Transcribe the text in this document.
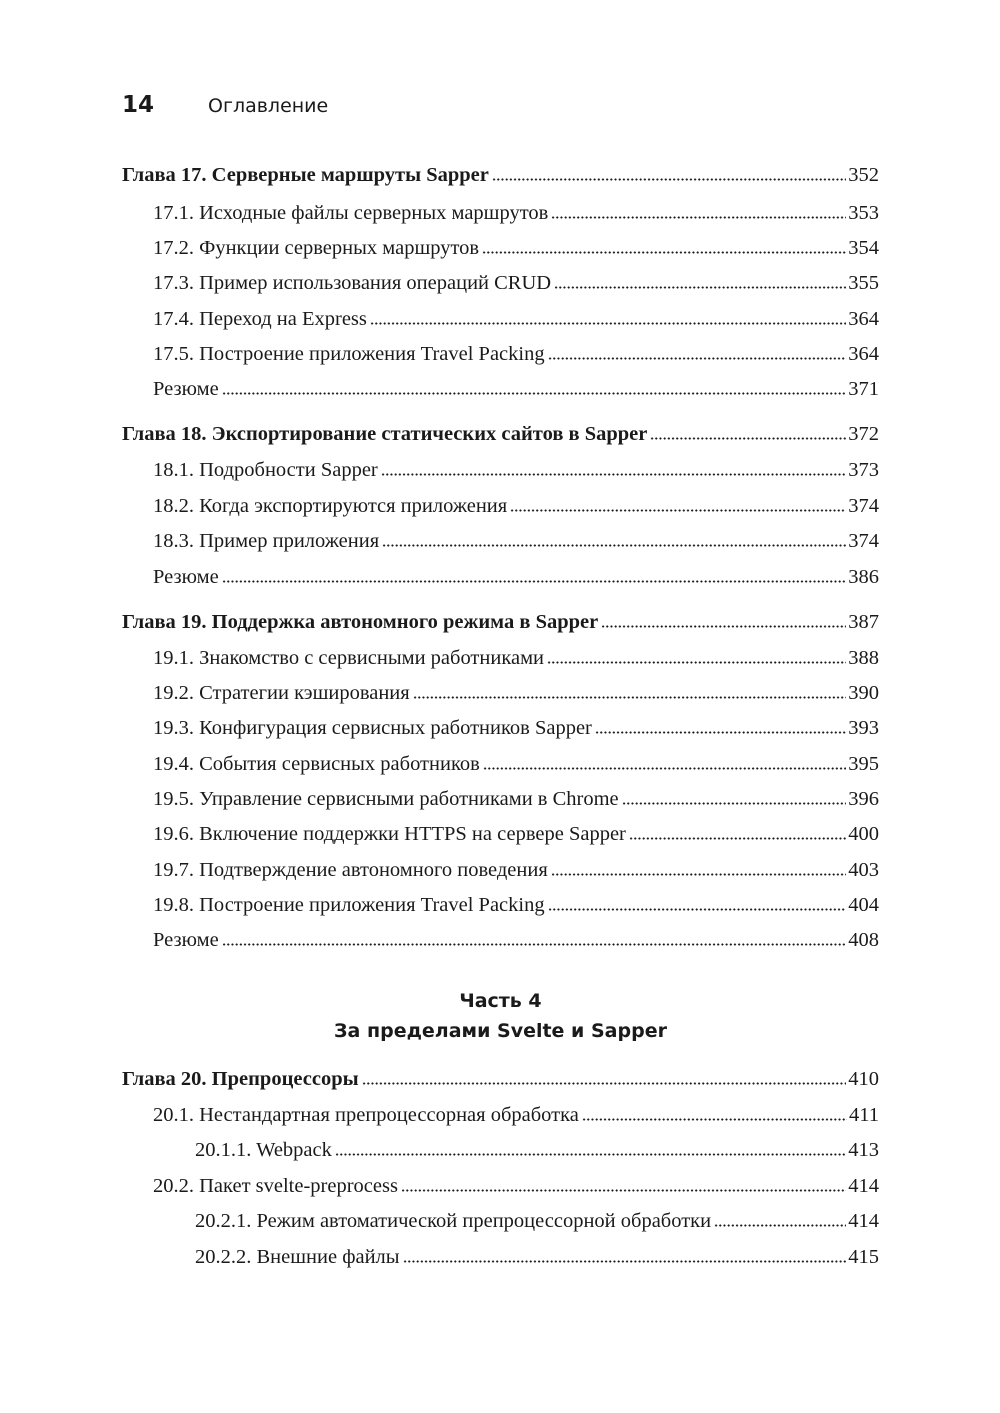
14	Оглавление
Глава 17. Серверные маршруты Sapper	352
17.1. Исходные файлы серверных маршрутов	353
17.2. Функции серверных маршрутов	354
17.3. Пример использования операций CRUD	355
17.4. Переход на Express	364
17.5. Построение приложения Travel Packing	364
Резюме	371
Глава 18. Экспортирование статических сайтов в Sapper	372
18.1. Подробности Sapper	373
18.2. Когда экспортируются приложения	374
18.3. Пример приложения	374
Резюме	386
Глава 19. Поддержка автономного режима в Sapper	387
19.1. Знакомство с сервисными работниками	388
19.2. Стратегии кэширования	390
19.3. Конфигурация сервисных работников Sapper	393
19.4. События сервисных работников	395
19.5. Управление сервисными работниками в Chrome	396
19.6. Включение поддержки HTTPS на сервере Sapper	400
19.7. Подтверждение автономного поведения	403
19.8. Построение приложения Travel Packing	404
Резюме	408
Глава 20. Препроцессоры	410
20.1. Нестандартная препроцессорная обработка	411
20.1.1. Webpack	413
20.2. Пакет svelte-preprocess	414
20.2.1. Режим автоматической препроцессорной обработки	414
20.2.2. Внешние файлы	415
Часть 4
За пределами Svelte и Sapper
